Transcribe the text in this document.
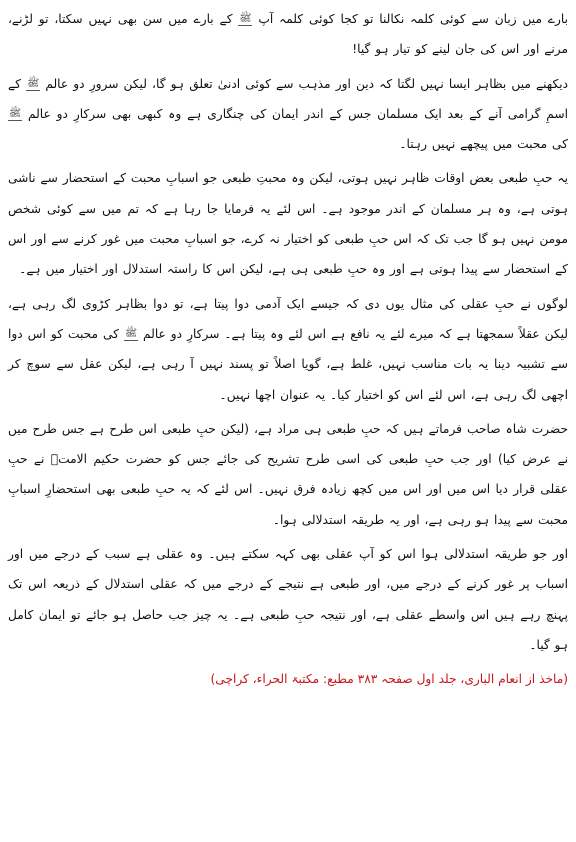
بارے میں زبان سے کوئی کلمہ نکالنا تو کجا کوئی کلمہ آپ ﷺ کے بارے میں سن بھی نہیں سکتا، تو لڑنے، مرنے اور اس کی جان لینے کو تیار ہو گیا!

دیکھنے میں بظاہر ایسا نہیں لگتا کہ دین اور مذہب سے کوئی ادنیٰ تعلق ہو گا، لیکن سرورِ دو عالم ﷺ کے اسمِ گرامی آنے کے بعد ایک مسلمان جس کے اندر ایمان کی چنگاری ہے وہ کبھی بھی سرکارِ دو عالم ﷺ کی محبت میں پیچھے نہیں رہتا۔

یہ حبِ طبعی بعض اوقات ظاہر نہیں ہوتی، لیکن وہ محبتِ طبعی جو اسبابِ محبت کے استحضار سے ناشی ہوتی ہے، وہ ہر مسلمان کے اندر موجود ہے۔ اس لئے یہ فرمایا جا رہا ہے کہ تم میں سے کوئی شخص مومن نہیں ہو گا جب تک کہ اس حبِ طبعی کو اختیار نہ کرے، جو اسبابِ محبت میں غور کرنے سے اور اس کے استحضار سے پیدا ہوتی ہے اور وہ حبِ طبعی ہی ہے، لیکن اس کا راستہ استدلال اور اختیار میں ہے۔

لوگوں نے حبِ عقلی کی مثال یوں دی کہ جیسے ایک آدمی دوا پیتا ہے، تو دوا بظاہر کڑوی لگ رہی ہے، لیکن عقلاً سمجھتا ہے کہ میرے لئے یہ نافع ہے اس لئے وہ پیتا ہے۔ سرکارِ دو عالم ﷺ کی محبت کو اس دوا سے تشبیہ دینا یہ بات مناسب نہیں، غلط ہے، گویا اصلاً تو پسند نہیں آ رہی ہے، لیکن عقل سے سوچ کر اچھی لگ رہی ہے، اس لئے اس کو اختیار کیا۔ یہ عنوان اچھا نہیں۔

حضرت شاہ صاحب فرماتے ہیں کہ حبِ طبعی ہی مراد ہے، (لیکن حبِ طبعی اس طرح ہے جس طرح میں نے عرض کیا) اور جب حبِ طبعی کی اسی طرح تشریح کی جائے جس کو حضرت حکیم الامتؒ نے حبِ عقلی قرار دیا اس میں اور اس میں کچھ زیادہ فرق نہیں۔ اس لئے کہ یہ حبِ طبعی بھی استحضارِ اسبابِ محبت سے پیدا ہو رہی ہے، اور یہ طریقہ استدلالی ہوا۔

اور جو طریقہ استدلالی ہوا اس کو آپ عقلی بھی کہہ سکتے ہیں۔ وہ عقلی ہے سبب کے درجے میں اور اسباب پر غور کرنے کے درجے میں، اور طبعی ہے نتیجے کے درجے میں کہ عقلی استدلال کے ذریعہ اس تک پہنچ رہے ہیں اس واسطے عقلی ہے، اور نتیجہ حبِ طبعی ہے۔ یہ چیز جب حاصل ہو جائے تو ایمان کامل ہو گیا۔

(ماخذ از انعام الباری، جلد اول صفحہ ۳۸۳ مطبع: مکتبۃ الحراء، کراچی)
